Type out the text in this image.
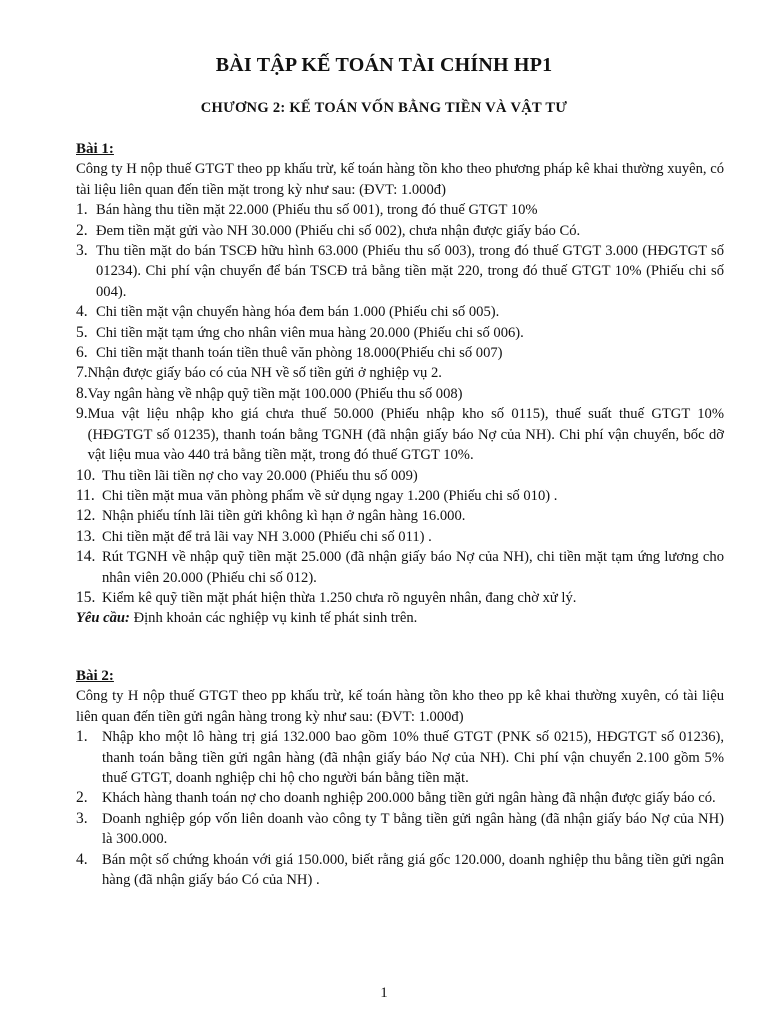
BÀI TẬP KẾ TOÁN TÀI CHÍNH HP1
CHƯƠNG 2: KẾ TOÁN VỐN BẰNG TIỀN VÀ VẬT TƯ
Bài 1:

Công ty H nộp thuế GTGT theo pp khấu trừ, kế toán hàng tồn kho theo phương pháp kê khai thường xuyên, có tài liệu liên quan đến tiền mặt trong kỳ như sau: (ĐVT: 1.000đ)

1. Bán hàng thu tiền mặt 22.000 (Phiếu thu số 001), trong đó thuế GTGT 10%
2. Đem tiền mặt gửi vào NH 30.000 (Phiếu chi số 002), chưa nhận được giấy báo Có.
3. Thu tiền mặt do bán TSCĐ hữu hình 63.000 (Phiếu thu số 003), trong đó thuế GTGT 3.000 (HĐGTGT số 01234). Chi phí vận chuyển để bán TSCĐ trả bằng tiền mặt 220, trong đó thuế GTGT 10% (Phiếu chi số 004).
4. Chi tiền mặt vận chuyển hàng hóa đem bán 1.000 (Phiếu chi số 005).
5. Chi tiền mặt tạm ứng cho nhân viên mua hàng 20.000 (Phiếu chi số 006).
6. Chi tiền mặt thanh toán tiền thuê văn phòng 18.000(Phiếu chi số 007)
7. Nhận được giấy báo có của NH về số tiền gửi ở nghiệp vụ 2.
8. Vay ngân hàng về nhập quỹ tiền mặt 100.000 (Phiếu thu số 008)
9. Mua vật liệu nhập kho giá chưa thuế 50.000 (Phiếu nhập kho số 0115), thuế suất thuế GTGT 10% (HĐGTGT số 01235), thanh toán bằng TGNH (đã nhận giấy báo Nợ của NH). Chi phí vận chuyển, bốc dỡ vật liệu mua vào 440 trả bằng tiền mặt, trong đó thuế GTGT 10%.
10. Thu tiền lãi tiền nợ cho vay 20.000 (Phiếu thu số 009)
11. Chi tiền mặt mua văn phòng phẩm về sử dụng ngay 1.200 (Phiếu chi số 010) .
12. Nhận phiếu tính lãi tiền gửi không kì hạn ở ngân hàng 16.000.
13. Chi tiền mặt để trả lãi vay NH 3.000 (Phiếu chi số 011) .
14. Rút TGNH về nhập quỹ tiền mặt 25.000 (đã nhận giấy báo Nợ của NH), chi tiền mặt tạm ứng lương cho nhân viên 20.000 (Phiếu chi số 012).
15. Kiểm kê quỹ tiền mặt phát hiện thừa 1.250 chưa rõ nguyên nhân, đang chờ xử lý.

Yêu cầu: Định khoản các nghiệp vụ kinh tế phát sinh trên.

Bài 2:

Công ty H nộp thuế GTGT theo pp khấu trừ, kế toán hàng tồn kho theo pp kê khai thường xuyên, có tài liệu liên quan đến tiền gửi ngân hàng trong kỳ như sau: (ĐVT: 1.000đ)

1. Nhập kho một lô hàng trị giá 132.000 bao gồm 10% thuế GTGT (PNK số 0215), HĐGTGT số 01236), thanh toán bằng tiền gửi ngân hàng (đã nhận giấy báo Nợ của NH). Chi phí vận chuyển 2.100 gồm 5% thuế GTGT, doanh nghiệp chi hộ cho người bán bằng tiền mặt.
2. Khách hàng thanh toán nợ cho doanh nghiệp 200.000 bằng tiền gửi ngân hàng đã nhận được giấy báo có.
3. Doanh nghiệp góp vốn liên doanh vào công ty T bằng tiền gửi ngân hàng (đã nhận giấy báo Nợ của NH) là 300.000.
4. Bán một số chứng khoán với giá 150.000, biết rằng giá gốc 120.000, doanh nghiệp thu bằng tiền gửi ngân hàng (đã nhận giấy báo Có của NH) .
1
